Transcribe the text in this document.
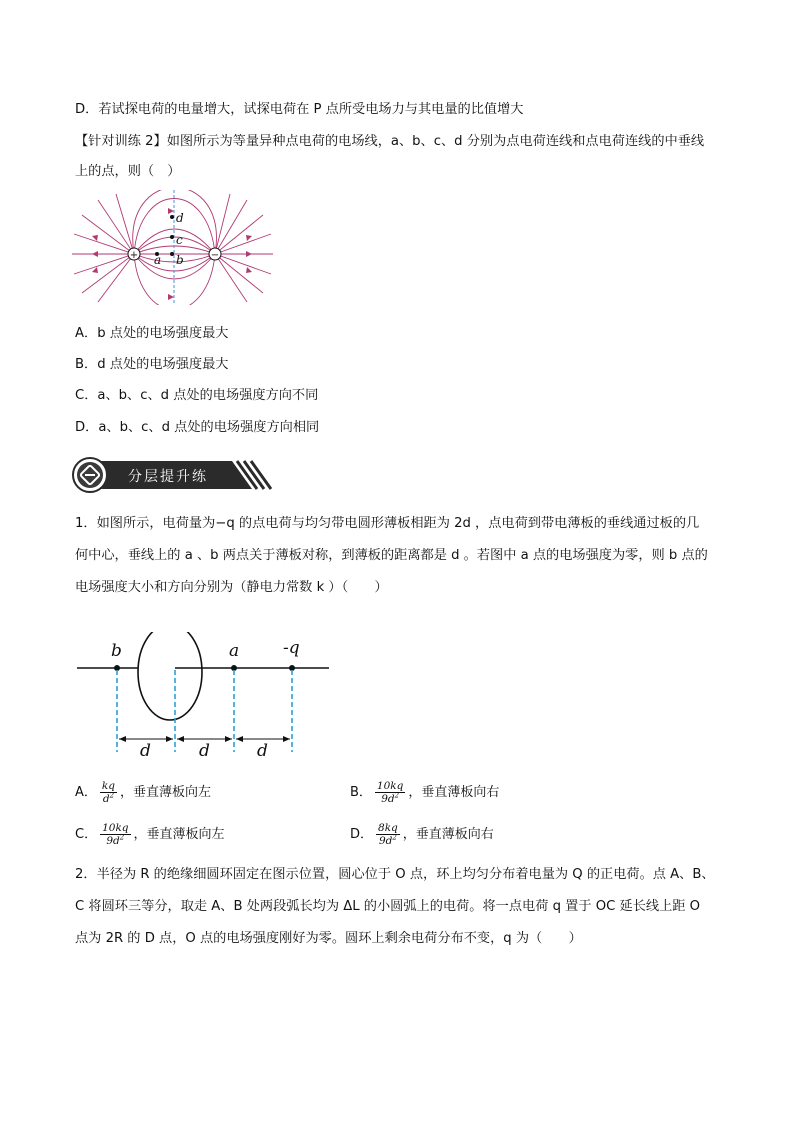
D．若试探电荷的电量增大，试探电荷在 P 点所受电场力与其电量的比值增大
【针对训练 2】如图所示为等量异种点电荷的电场线，a、b、c、d 分别为点电荷连线和点电荷连线的中垂线
上的点，则（　）
+	−
d
c
a b
A．b 点处的电场强度最大
B．d 点处的电场强度最大
C．a、b、c、d 点处的电场强度方向不同
D．a、b、c、d 点处的电场强度方向相同
分层提升练
1．如图所示，电荷量为−q 的点电荷与均匀带电圆形薄板相距为 2d ，点电荷到带电薄板的垂线通过板的几
何中心，垂线上的 a 、b 两点关于薄板对称，到薄板的距离都是 d 。若图中 a 点的电场强度为零，则 b 点的
电场强度大小和方向分别为（静电力常数 k ）（　　）
b	a	-q
d	d	d
A． $\frac{kq}{d^2}$ ，垂直薄板向左	B． $\frac{10kq}{9d^2}$ ，垂直薄板向右
C． $\frac{10kq}{9d^2}$ ，垂直薄板向左	D． $\frac{8kq}{9d^2}$ ，垂直薄板向右
2．半径为 R 的绝缘细圆环固定在图示位置，圆心位于 O 点，环上均匀分布着电量为 Q 的正电荷。点 A、B、
C 将圆环三等分，取走 A、B 处两段弧长均为 ΔL 的小圆弧上的电荷。将一点电荷 q 置于 OC 延长线上距 O
点为 2R 的 D 点，O 点的电场强度刚好为零。圆环上剩余电荷分布不变，q 为（　　）
